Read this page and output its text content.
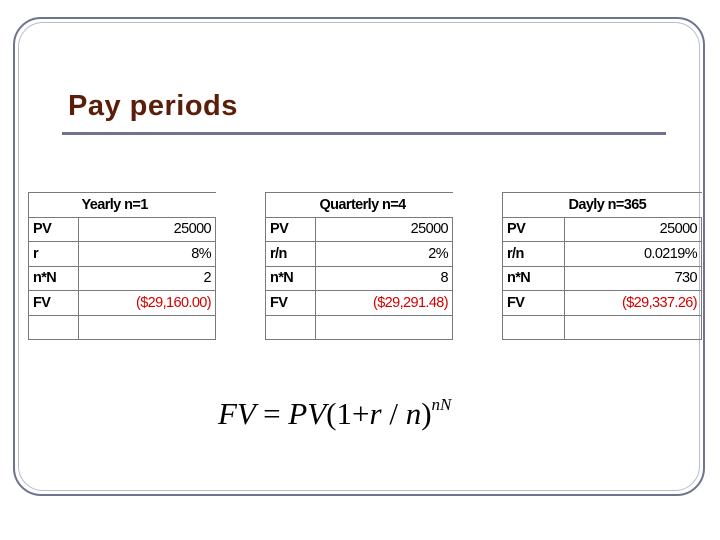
Pay periods
	Yearly n=1
PV	25000
r	8%
n*N	2
FV	($29,160.00)

	Quarterly n=4
PV	25000
r/n	2%
n*N	8
FV	($29,291.48)

	Dayly n=365
PV	25000
r/n	0.0219%
n*N	730
FV	($29,337.26)

FV = $PV(1+r / n)^{nN}$
